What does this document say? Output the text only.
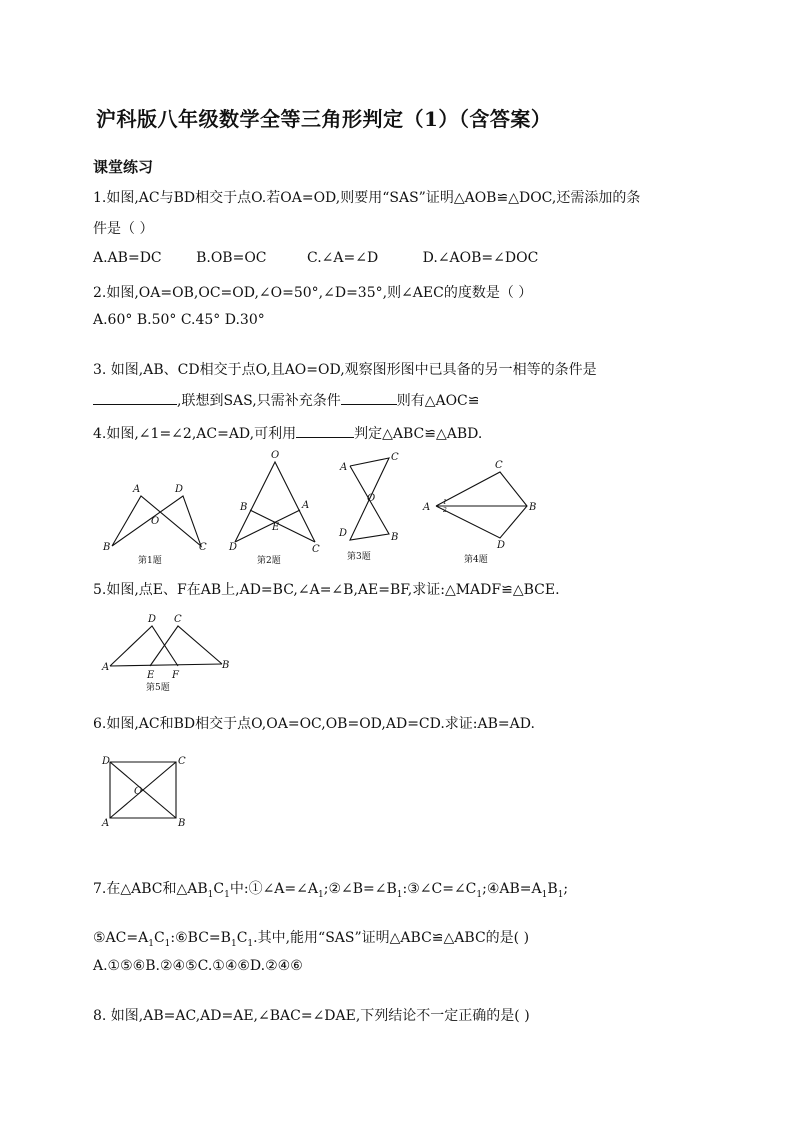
沪科版八年级数学全等三角形判定（1）（含答案）
课堂练习
1.如图,AC与BD相交于点O.若OA=OD,则要用“SAS”证明△AOB≌△DOC,还需添加的条
件是（ ）
A.AB=DC B.OB=OC	C.∠A=∠D	D.∠AOB=∠DOC
2.如图,OA=OB,OC=OD,∠O=50°,∠D=35°,则∠AEC的度数是（ ）
A.60° B.50° C.45° D.30°
3. 如图,AB、CD相交于点O,且AO=OD,观察图形图中已具备的另一相等的条件是
,联想到SAS,只需补充条件	则有△AOC≌
4.如图,∠1=∠2,AC=AD,可利用	判定△ABC≌△ABD.
A	D
O
B	C
第1题
O
A
B
E
C
D
第2题
A
C
O
D	B
第3题
C
A 1
2	B
D
第4题
5.如图,点E、F在AB上,AD=BC,∠A=∠B,AE=BF,求证:△MADF≌△BCE.
D C
A
E F
B
第5题
6.如图,AC和BD相交于点O,OA=OC,OB=OD,AD=CD.求证:AB=AD.
D	C
O
A	B
7.在△ABC和$\triangle AB_1C_1$中$:①\angle A=\angle A_1;②\angle B=\angle B_1:③\angle C=\angle C_1;④AB=A_1B_1$;
$⑤AC=A_1C_1:⑥BC=B_1C_1$.其中,能用“SAS”证明△ABC≌△ABC的是( )
A.①⑤⑥B.②④⑤C.①④⑥D.②④⑥
8. 如图,AB=AC,AD=AE,∠BAC=∠DAE,下列结论不一定正确的是( )
